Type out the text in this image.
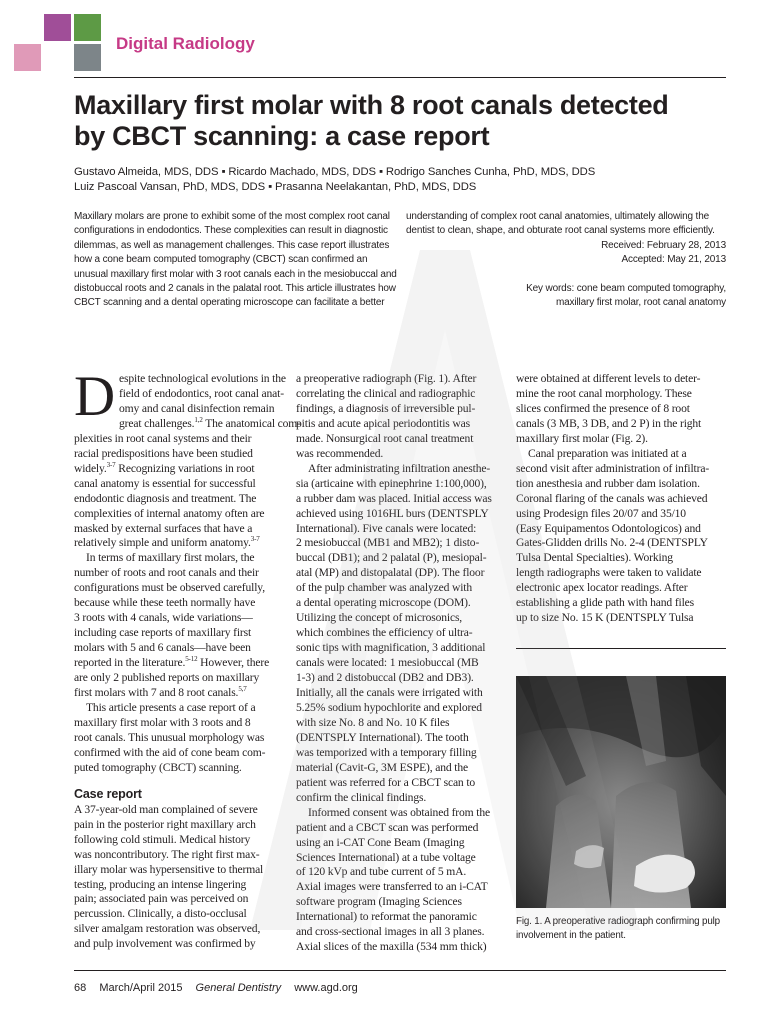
Digital Radiology
Maxillary first molar with 8 root canals detected
by CBCT scanning: a case report
Gustavo Almeida, MDS, DDS ▪ Ricardo Machado, MDS, DDS ▪ Rodrigo Sanches Cunha, PhD, MDS, DDS
Luiz Pascoal Vansan, PhD, MDS, DDS ▪ Prasanna Neelakantan, PhD, MDS, DDS
Maxillary molars are prone to exhibit some of the most complex root canal
configurations in endodontics. These complexities can result in diagnostic
dilemmas, as well as management challenges. This case report illustrates
how a cone beam computed tomography (CBCT) scan confirmed an
unusual maxillary first molar with 3 root canals each in the mesiobuccal and
distobuccal roots and 2 canals in the palatal root. This article illustrates how
CBCT scanning and a dental operating microscope can facilitate a better
understanding of complex root canal anatomies, ultimately allowing the
dentist to clean, shape, and obturate root canal systems more efficiently.
Received: February 28, 2013
Accepted: May 21, 2013
Key words: cone beam computed tomography,
maxillary first molar, root canal anatomy
D espite technological evolutions in the
field of endodontics, root canal anat-
omy and canal disinfection remain
great challenges.$^{1,2}$ The anatomical com-
plexities in root canal systems and their
racial predispositions have been studied
widely.$^{3-7}$ Recognizing variations in root
canal anatomy is essential for successful
endodontic diagnosis and treatment. The
complexities of internal anatomy often are
masked by external surfaces that have a
relatively simple and uniform anatomy.$^{3-7}$
In terms of maxillary first molars, the
number of roots and root canals and their
configurations must be observed carefully,
because while these teeth normally have
3 roots with 4 canals, wide variations—
including case reports of maxillary first
molars with 5 and 6 canals—have been
reported in the literature.$^{5-12}$ However, there
are only 2 published reports on maxillary
first molars with 7 and 8 root canals.$^{5,7}$
This article presents a case report of a
maxillary first molar with 3 roots and 8
root canals. This unusual morphology was
confirmed with the aid of cone beam com-
puted tomography (CBCT) scanning.
Case report
A 37-year-old man complained of severe
pain in the posterior right maxillary arch
following cold stimuli. Medical history
was noncontributory. The right first max-
illary molar was hypersensitive to thermal
testing, producing an intense lingering
pain; associated pain was perceived on
percussion. Clinically, a disto-occlusal
silver amalgam restoration was observed,
and pulp involvement was confirmed by
a preoperative radiograph (Fig. 1). After
correlating the clinical and radiographic
findings, a diagnosis of irreversible pul-
pitis and acute apical periodontitis was
made. Nonsurgical root canal treatment
was recommended.
After administrating infiltration anesthe-
sia (articaine with epinephrine 1:100,000),
a rubber dam was placed. Initial access was
achieved using 1016HL burs (DENTSPLY
International). Five canals were located:
2 mesiobuccal (MB1 and MB2); 1 disto-
buccal (DB1); and 2 palatal (P), mesiopal-
atal (MP) and distopalatal (DP). The floor
of the pulp chamber was analyzed with
a dental operating microscope (DOM).
Utilizing the concept of microsonics,
which combines the efficiency of ultra-
sonic tips with magnification, 3 additional
canals were located: 1 mesiobuccal (MB
1-3) and 2 distobuccal (DB2 and DB3).
Initially, all the canals were irrigated with
5.25% sodium hypochlorite and explored
with size No. 8 and No. 10 K files
(DENTSPLY International). The tooth
was temporized with a temporary filling
material (Cavit-G, 3M ESPE), and the
patient was referred for a CBCT scan to
confirm the clinical findings.
Informed consent was obtained from the
patient and a CBCT scan was performed
using an i-CAT Cone Beam (Imaging
Sciences International) at a tube voltage
of 120 kVp and tube current of 5 mA.
Axial images were transferred to an i-CAT
software program (Imaging Sciences
International) to reformat the panoramic
and cross-sectional images in all 3 planes.
Axial slices of the maxilla (534 mm thick)
were obtained at different levels to deter-
mine the root canal morphology. These
slices confirmed the presence of 8 root
canals (3 MB, 3 DB, and 2 P) in the right
maxillary first molar (Fig. 2).
Canal preparation was initiated at a
second visit after administration of infiltra-
tion anesthesia and rubber dam isolation.
Coronal flaring of the canals was achieved
using Prodesign files 20/07 and 35/10
(Easy Equipamentos Odontologicos) and
Gates-Glidden drills No. 2-4 (DENTSPLY
Tulsa Dental Specialties). Working
length radiographs were taken to validate
electronic apex locator readings. After
establishing a glide path with hand files
up to size No. 15 K (DENTSPLY Tulsa
Fig. 1. A preoperative radiograph confirming pulp
involvement in the patient.
68 March/April 2015 General Dentistry www.agd.org
